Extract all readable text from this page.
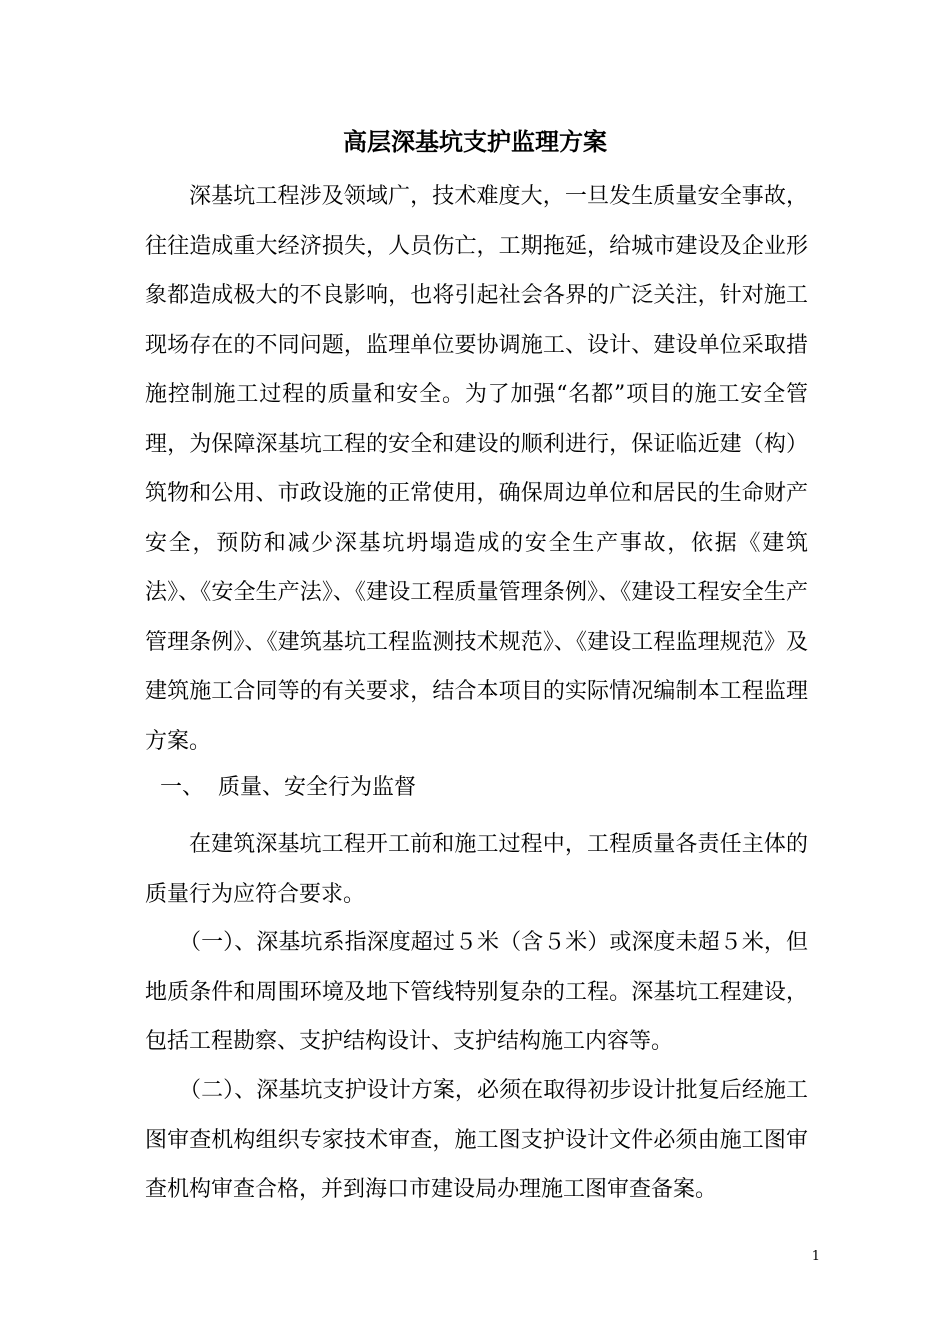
高层深基坑支护监理方案
深基坑工程涉及领域广，技术难度大，一旦发生质量安全事故，往往造成重大经济损失，人员伤亡，工期拖延，给城市建设及企业形象都造成极大的不良影响，也将引起社会各界的广泛关注，针对施工现场存在的不同问题，监理单位要协调施工、设计、建设单位采取措施控制施工过程的质量和安全。为了加强“名都”项目的施工安全管理，为保障深基坑工程的安全和建设的顺利进行，保证临近建（构）筑物和公用、市政设施的正常使用，确保周边单位和居民的生命财产安全，预防和减少深基坑坍塌造成的安全生产事故，依据《建筑法》、《安全生产法》、《建设工程质量管理条例》、《建设工程安全生产管理条例》、《建筑基坑工程监测技术规范》、《建设工程监理规范》及建筑施工合同等的有关要求，结合本项目的实际情况编制本工程监理方案。
一、  质量、安全行为监督
在建筑深基坑工程开工前和施工过程中，工程质量各责任主体的质量行为应符合要求。
（一）、深基坑系指深度超过５米（含５米）或深度未超５米，但地质条件和周围环境及地下管线特别复杂的工程。深基坑工程建设，包括工程勘察、支护结构设计、支护结构施工内容等。
（二）、深基坑支护设计方案，必须在取得初步设计批复后经施工图审查机构组织专家技术审查，施工图支护设计文件必须由施工图审查机构审查合格，并到海口市建设局办理施工图审查备案。
1
